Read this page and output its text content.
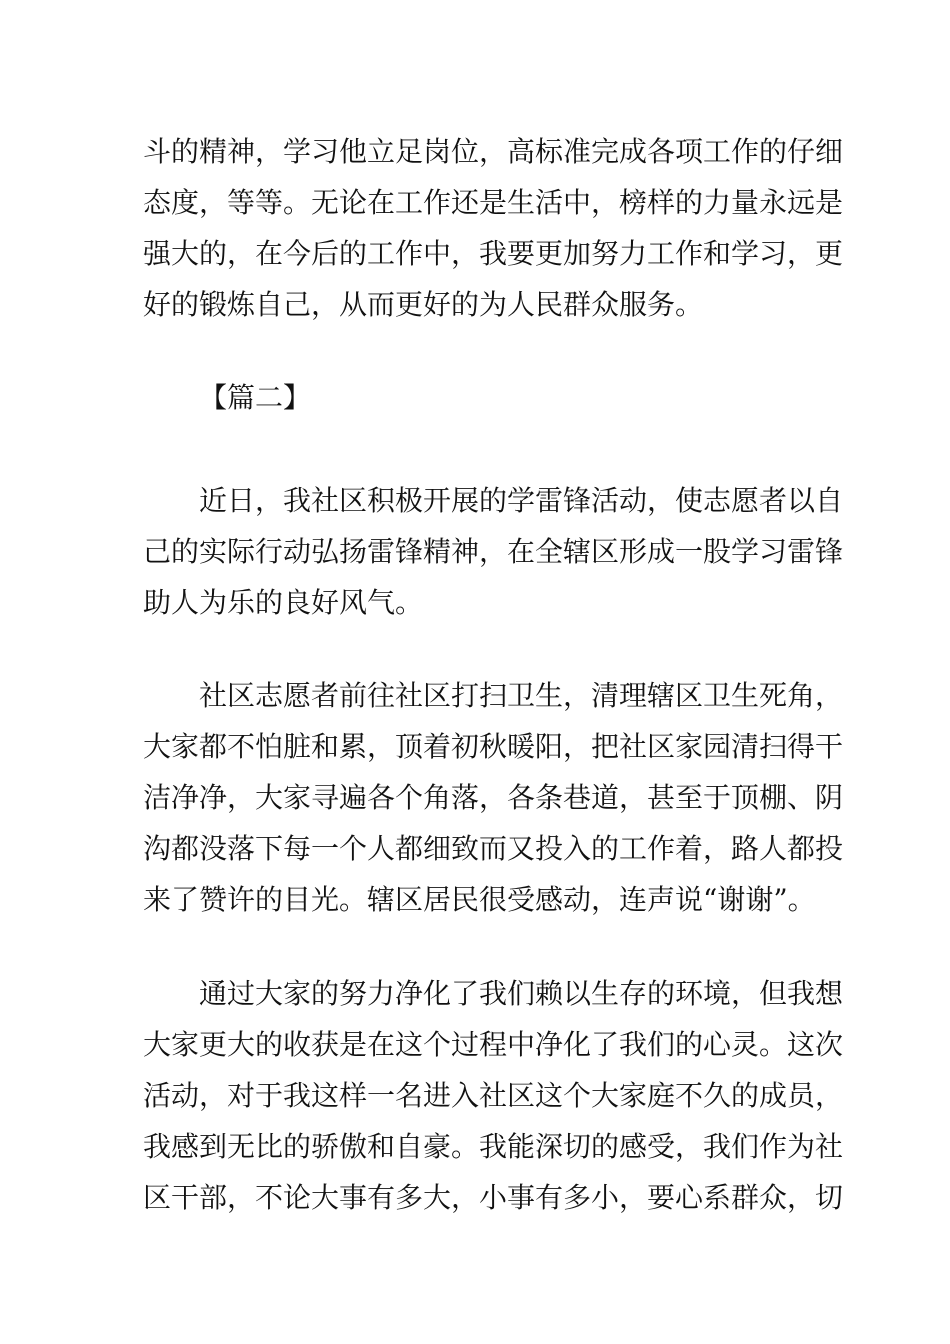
斗的精神，学习他立足岗位，高标准完成各项工作的仔细
态度，等等。无论在工作还是生活中，榜样的力量永远是
强大的，在今后的工作中，我要更加努力工作和学习，更
好的锻炼自己，从而更好的为人民群众服务。
【篇二】
近日，我社区积极开展的学雷锋活动，使志愿者以自
己的实际行动弘扬雷锋精神，在全辖区形成一股学习雷锋
助人为乐的良好风气。
社区志愿者前往社区打扫卫生，清理辖区卫生死角，
大家都不怕脏和累，顶着初秋暖阳，把社区家园清扫得干
洁净净，大家寻遍各个角落，各条巷道，甚至于顶棚、阴
沟都没落下每一个人都细致而又投入的工作着，路人都投
来了赞许的目光。辖区居民很受感动，连声说“谢谢”。
通过大家的努力净化了我们赖以生存的环境，但我想
大家更大的收获是在这个过程中净化了我们的心灵。这次
活动，对于我这样一名进入社区这个大家庭不久的成员，
我感到无比的骄傲和自豪。我能深切的感受，我们作为社
区干部，不论大事有多大，小事有多小，要心系群众，切
